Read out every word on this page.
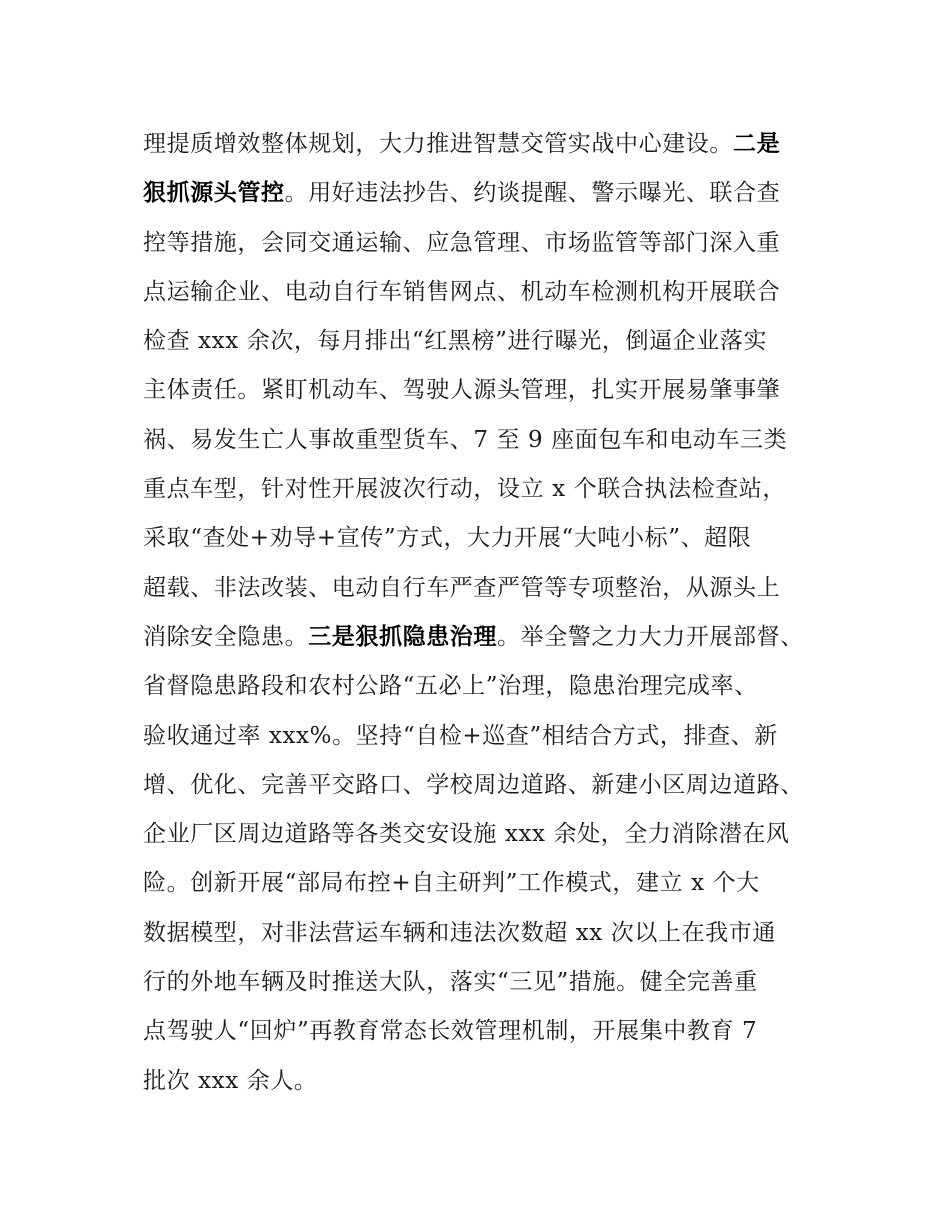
理提质增效整体规划，大力推进智慧交管实战中心建设。二是
狠抓源头管控。用好违法抄告、约谈提醒、警示曝光、联合查
控等措施，会同交通运输、应急管理、市场监管等部门深入重
点运输企业、电动自行车销售网点、机动车检测机构开展联合
检查 xxx 余次，每月排出“红黑榜”进行曝光，倒逼企业落实
主体责任。紧盯机动车、驾驶人源头管理，扎实开展易肇事肇
祸、易发生亡人事故重型货车、7 至 9 座面包车和电动车三类
重点车型，针对性开展波次行动，设立 x 个联合执法检查站，
采取“查处+劝导+宣传”方式，大力开展“大吨小标”、超限
超载、非法改装、电动自行车严查严管等专项整治，从源头上
消除安全隐患。三是狠抓隐患治理。举全警之力大力开展部督、
省督隐患路段和农村公路“五必上”治理，隐患治理完成率、
验收通过率 xxx%。坚持“自检+巡查”相结合方式，排查、新
增、优化、完善平交路口、学校周边道路、新建小区周边道路、
企业厂区周边道路等各类交安设施 xxx 余处，全力消除潜在风
险。创新开展“部局布控+自主研判”工作模式，建立 x 个大
数据模型，对非法营运车辆和违法次数超 xx 次以上在我市通
行的外地车辆及时推送大队，落实“三见”措施。健全完善重
点驾驶人“回炉”再教育常态长效管理机制，开展集中教育 7
批次 xxx 余人。
